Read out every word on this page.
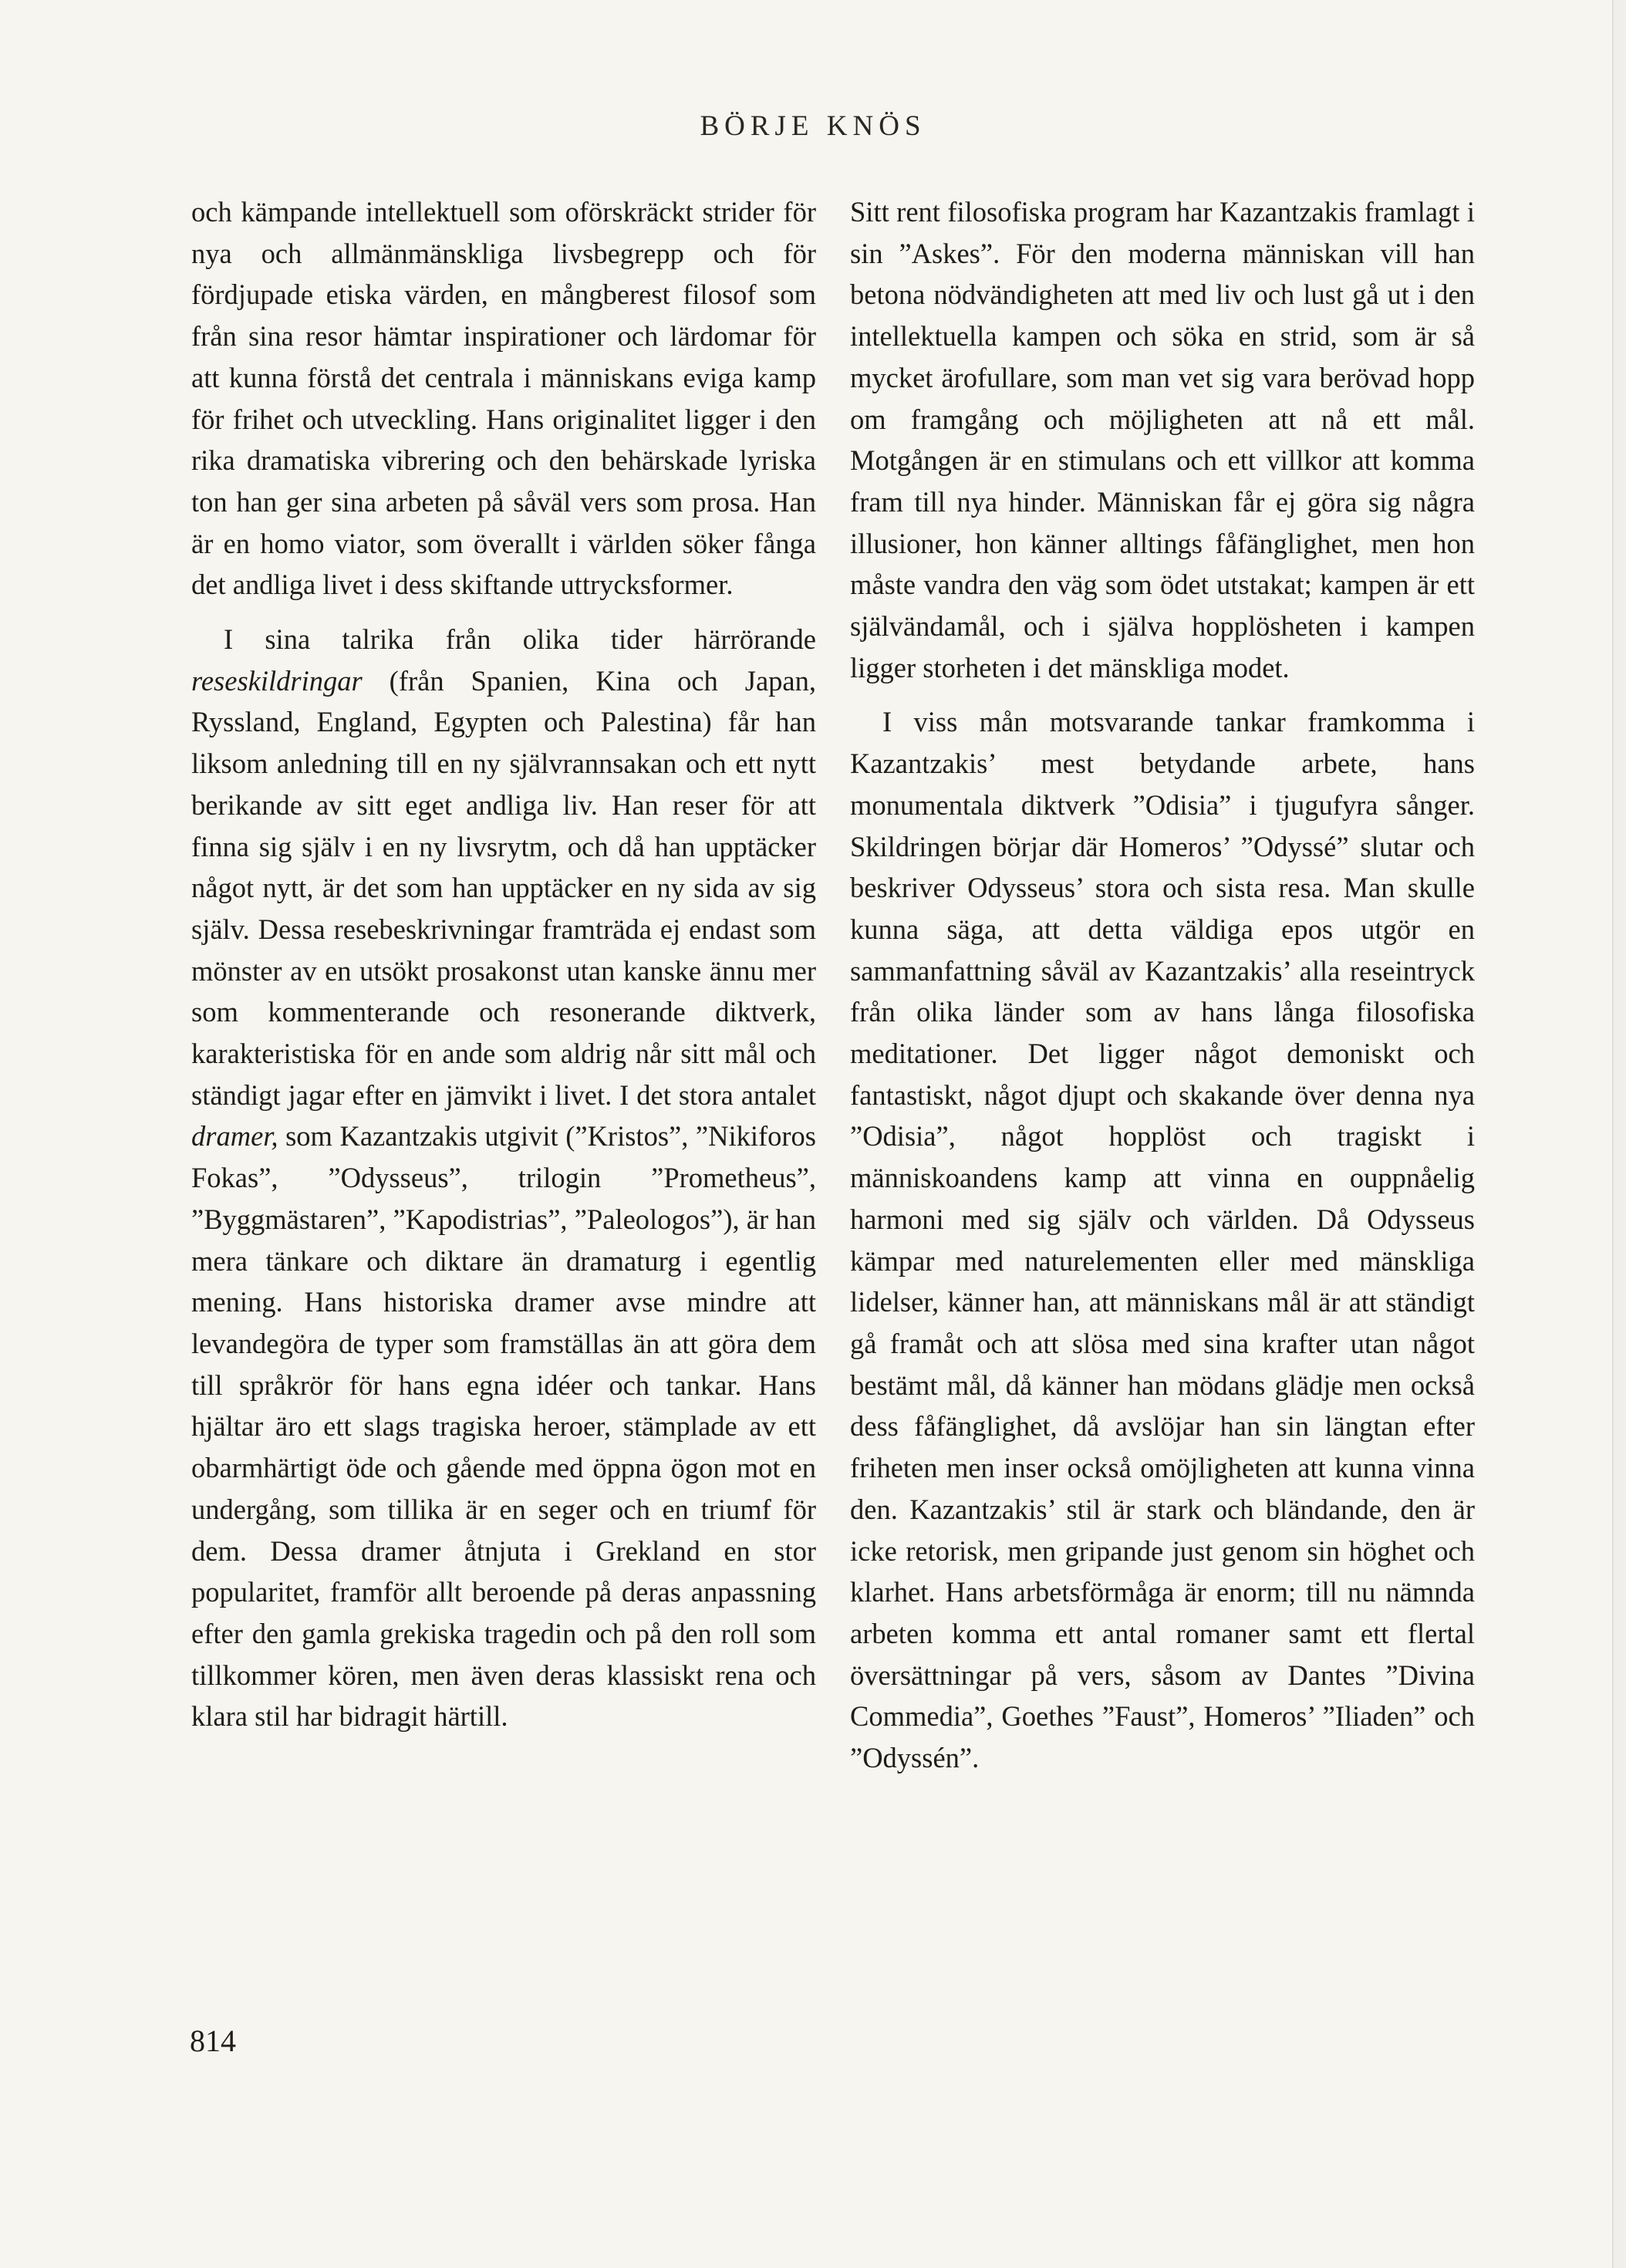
BÖRJE KNÖS

och kämpande intellektuell som oförskräckt strider för nya och allmänmänskliga livsbegrepp och för fördjupade etiska värden, en mångberest filosof som från sina resor hämtar inspirationer och lärdomar för att kunna förstå det centrala i människans eviga kamp för frihet och utveckling. Hans originalitet ligger i den rika dramatiska vibrering och den behärskade lyriska ton han ger sina arbeten på såväl vers som prosa. Han är en homo viator, som överallt i världen söker fånga det andliga livet i dess skiftande uttrycksformer.

I sina talrika från olika tider härrörande reseskildringar (från Spanien, Kina och Japan, Ryssland, England, Egypten och Palestina) får han liksom anledning till en ny självrannsakan och ett nytt berikande av sitt eget andliga liv. Han reser för att finna sig själv i en ny livsrytm, och då han upptäcker något nytt, är det som han upptäcker en ny sida av sig själv. Dessa resebeskrivningar framträda ej endast som mönster av en utsökt prosakonst utan kanske ännu mer som kommenterande och resonerande diktverk, karakteristiska för en ande som aldrig når sitt mål och ständigt jagar efter en jämvikt i livet. I det stora antalet dramer, som Kazantzakis utgivit (”Kristos”, ”Nikiforos Fokas”, ”Odysseus”, trilogin ”Prometheus”, ”Byggmästaren”, ”Kapodistrias”, ”Paleologos”), är han mera tänkare och diktare än dramaturg i egentlig mening. Hans historiska dramer avse mindre att levandegöra de typer som framställas än att göra dem till språkrör för hans egna idéer och tankar. Hans hjältar äro ett slags tragiska heroer, stämplade av ett obarmhärtigt öde och gående med öppna ögon mot en undergång, som tillika är en seger och en triumf för dem. Dessa dramer åtnjuta i Grekland en stor popularitet, framför allt beroende på deras anpassning efter den gamla grekiska tragedin och på den roll som tillkommer kören, men även deras klassiskt rena och klara stil har bidragit härtill.

Sitt rent filosofiska program har Kazantzakis framlagt i sin ”Askes”. För den moderna människan vill han betona nödvändigheten att med liv och lust gå ut i den intellektuella kampen och söka en strid, som är så mycket ärofullare, som man vet sig vara berövad hopp om framgång och möjligheten att nå ett mål. Motgången är en stimulans och ett villkor att komma fram till nya hinder. Människan får ej göra sig några illusioner, hon känner alltings fåfänglighet, men hon måste vandra den väg som ödet utstakat; kampen är ett självändamål, och i själva hopplösheten i kampen ligger storheten i det mänskliga modet.

I viss mån motsvarande tankar framkomma i Kazantzakis’ mest betydande arbete, hans monumentala diktverk ”Odisia” i tjugufyra sånger. Skildringen börjar där Homeros’ ”Odyssé” slutar och beskriver Odysseus’ stora och sista resa. Man skulle kunna säga, att detta väldiga epos utgör en sammanfattning såväl av Kazantzakis’ alla reseintryck från olika länder som av hans långa filosofiska meditationer. Det ligger något demoniskt och fantastiskt, något djupt och skakande över denna nya ”Odisia”, något hopplöst och tragiskt i människoandens kamp att vinna en ouppnåelig harmoni med sig själv och världen. Då Odysseus kämpar med naturelementen eller med mänskliga lidelser, känner han, att människans mål är att ständigt gå framåt och att slösa med sina krafter utan något bestämt mål, då känner han mödans glädje men också dess fåfänglighet, då avslöjar han sin längtan efter friheten men inser också omöjligheten att kunna vinna den. Kazantzakis’ stil är stark och bländande, den är icke retorisk, men gripande just genom sin höghet och klarhet. Hans arbetsförmåga är enorm; till nu nämnda arbeten komma ett antal romaner samt ett flertal översättningar på vers, såsom av Dantes ”Divina Commedia”, Goethes ”Faust”, Homeros’ ”Iliaden” och ”Odyssén”.

814
